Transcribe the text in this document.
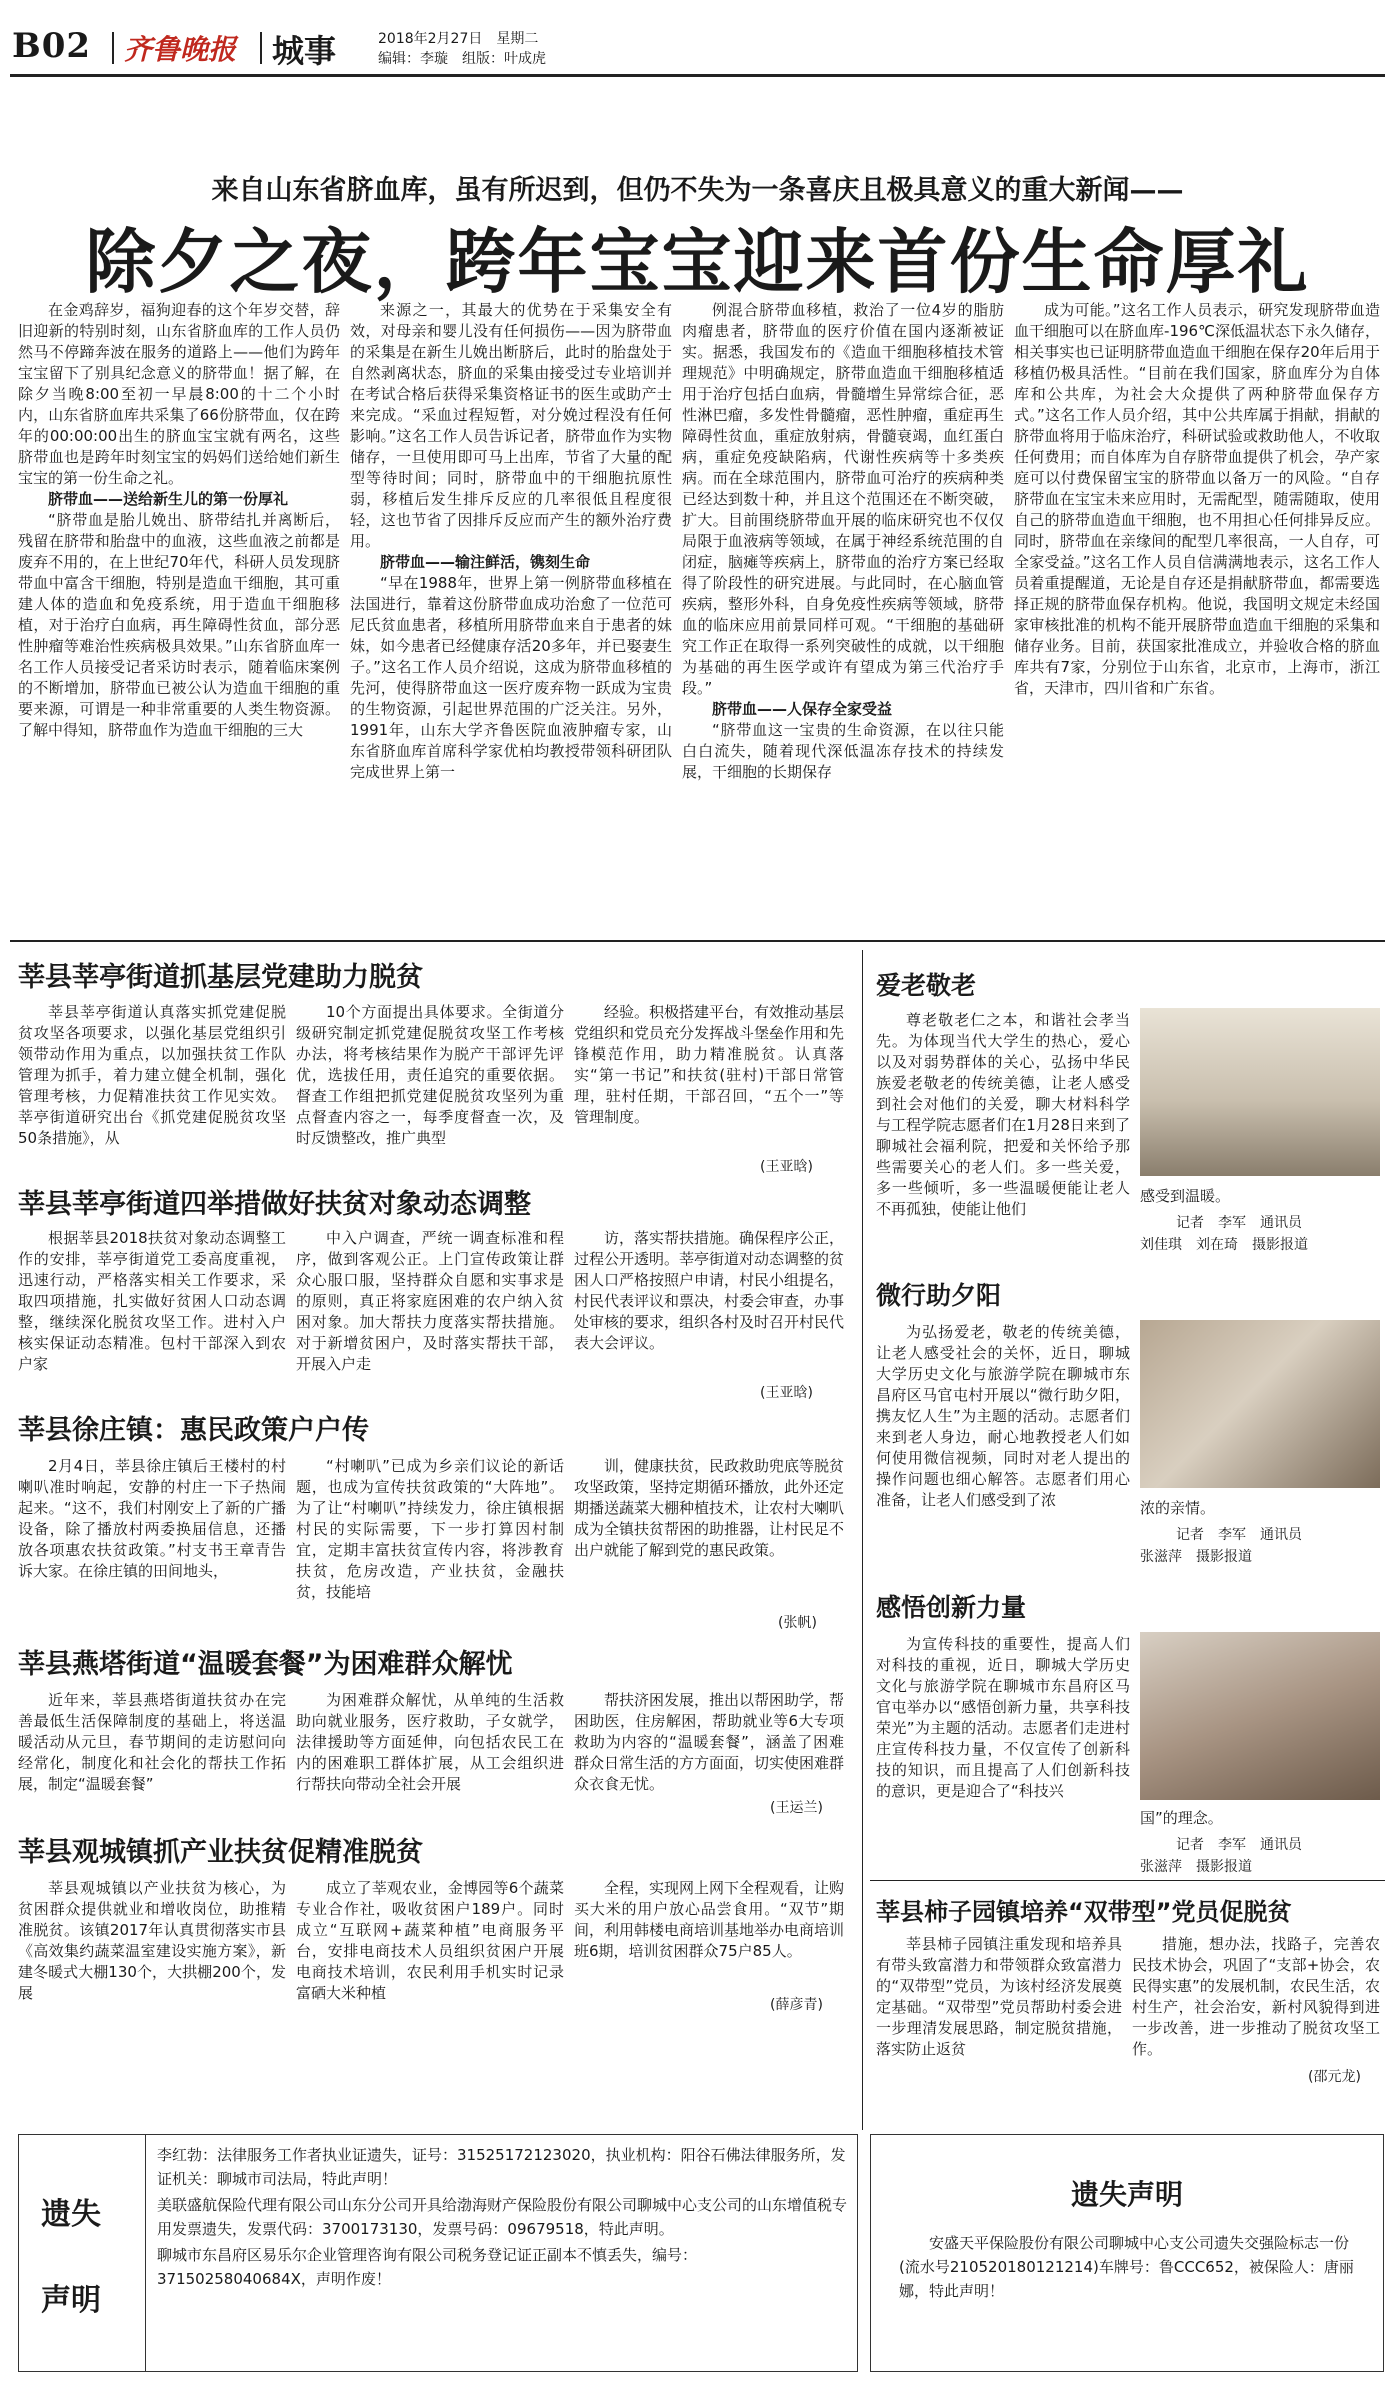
B02 齐鲁晚报 城事	2018年2月27日　 星期二
编辑：李璇　 组版：叶成虎
来自山东省脐血库，虽有所迟到，但仍不失为一条喜庆且极具意义的重大新闻——
除夕之夜，跨年宝宝迎来首份生命厚礼

在金鸡辞岁，福狗迎春的这个年岁交替，辞旧迎新的特别时刻，山东省脐血库的工作人员仍然马不停蹄奔波在服务的道路上——他们为跨年宝宝留下了别具纪念意义的脐带血！据了解，在除夕当晚8:00至初一早晨8:00的十二个小时内，山东省脐血库共采集了66份脐带血，仅在跨年的00:00:00出生的脐血宝宝就有两名，这些脐带血也是跨年时刻宝宝的妈妈们送给她们新生宝宝的第一份生命之礼。

脐带血——送给新生儿的第一份厚礼

“脐带血是胎儿娩出、脐带结扎并离断后，残留在脐带和胎盘中的血液，这些血液之前都是废弃不用的，在上世纪70年代，科研人员发现脐带血中富含干细胞，特别是造血干细胞，其可重建人体的造血和免疫系统，用于造血干细胞移植，对于治疗白血病，再生障碍性贫血，部分恶性肿瘤等难治性疾病极具效果。”山东省脐血库一名工作人员接受记者采访时表示，随着临床案例的不断增加，脐带血已被公认为造血干细胞的重要来源，可谓是一种非常重要的人类生物资源。了解中得知，脐带血作为造血干细胞的三大

来源之一，其最大的优势在于采集安全有效，对母亲和婴儿没有任何损伤——因为脐带血的采集是在新生儿娩出断脐后，此时的胎盘处于自然剥离状态，脐血的采集由接受过专业培训并在考试合格后获得采集资格证书的医生或助产士来完成。“采血过程短暂，对分娩过程没有任何影响。”这名工作人员告诉记者，脐带血作为实物储存，一旦使用即可马上出库，节省了大量的配型等待时间；同时，脐带血中的干细胞抗原性弱，移植后发生排斥反应的几率很低且程度很轻，这也节省了因排斥反应而产生的额外治疗费用。

脐带血——输注鲜活，镌刻生命

“早在1988年，世界上第一例脐带血移植在法国进行，靠着这份脐带血成功治愈了一位范可尼氏贫血患者，移植所用脐带血来自于患者的妹妹，如今患者已经健康存活20多年，并已娶妻生子。”这名工作人员介绍说，这成为脐带血移植的先河，使得脐带血这一医疗废弃物一跃成为宝贵的生物资源，引起世界范围的广泛关注。另外，1991年，山东大学齐鲁医院血液肿瘤专家，山东省脐血库首席科学家优柏均教授带领科研团队完成世界上第一

例混合脐带血移植，救治了一位4岁的脂肪肉瘤患者，脐带血的医疗价值在国内逐渐被证实。据悉，我国发布的《造血干细胞移植技术管理规范》中明确规定，脐带血造血干细胞移植适用于治疗包括白血病，骨髓增生异常综合征，恶性淋巴瘤，多发性骨髓瘤，恶性肿瘤，重症再生障碍性贫血，重症放射病，骨髓衰竭，血红蛋白病，重症免疫缺陷病，代谢性疾病等十多类疾病。而在全球范围内，脐带血可治疗的疾病种类已经达到数十种，并且这个范围还在不断突破，扩大。目前围绕脐带血开展的临床研究也不仅仅局限于血液病等领域，在属于神经系统范围的自闭症，脑瘫等疾病上，脐带血的治疗方案已经取得了阶段性的研究进展。与此同时，在心脑血管疾病，整形外科，自身免疫性疾病等领域，脐带血的临床应用前景同样可观。“干细胞的基础研究工作正在取得一系列突破性的成就，以干细胞为基础的再生医学或许有望成为第三代治疗手段。”

脐带血——人保存全家受益

“脐带血这一宝贵的生命资源，在以往只能白白流失，随着现代深低温冻存技术的持续发展，干细胞的长期保存

成为可能。”这名工作人员表示，研究发现脐带血造血干细胞可以在脐血库-196℃深低温状态下永久储存，相关事实也已证明脐带血造血干细胞在保存20年后用于移植仍极具活性。“目前在我们国家，脐血库分为自体库和公共库，为社会大众提供了两种脐带血保存方式。”这名工作人员介绍，其中公共库属于捐献，捐献的脐带血将用于临床治疗，科研试验或救助他人，不收取任何费用；而自体库为自存脐带血提供了机会，孕产家庭可以付费保留宝宝的脐带血以备万一的风险。“自存脐带血在宝宝未来应用时，无需配型，随需随取，使用自己的脐带血造血干细胞，也不用担心任何排异反应。同时，脐带血在亲缘间的配型几率很高，一人自存，可全家受益。”这名工作人员自信满满地表示，这名工作人员着重提醒道，无论是自存还是捐献脐带血，都需要选择正规的脐带血保存机构。他说，我国明文规定未经国家审核批准的机构不能开展脐带血造血干细胞的采集和储存业务。目前，获国家批准成立，并验收合格的脐血库共有7家，分别位于山东省，北京市，上海市，浙江省，天津市，四川省和广东省。

莘县莘亭街道抓基层党建助力脱贫

莘县莘亭街道认真落实抓党建促脱贫攻坚各项要求，以强化基层党组织引领带动作用为重点，以加强扶贫工作队管理为抓手，着力建立健全机制，强化管理考核，力促精准扶贫工作见实效。莘亭街道研究出台《抓党建促脱贫攻坚50条措施》，从

10个方面提出具体要求。全街道分级研究制定抓党建促脱贫攻坚工作考核办法，将考核结果作为脱产干部评先评优，选拔任用，责任追究的重要依据。督查工作组把抓党建促脱贫攻坚列为重点督查内容之一，每季度督查一次，及时反馈整改，推广典型

经验。积极搭建平台，有效推动基层党组织和党员充分发挥战斗堡垒作用和先锋模范作用，助力精准脱贫。认真落实“第一书记”和扶贫(驻村)干部日常管理，驻村任期，干部召回，“五个一”等管理制度。

(王亚晗)
莘县莘亭街道四举措做好扶贫对象动态调整

根据莘县2018扶贫对象动态调整工作的安排，莘亭街道党工委高度重视，迅速行动，严格落实相关工作要求，采取四项措施，扎实做好贫困人口动态调整，继续深化脱贫攻坚工作。进村入户核实保证动态精准。包村干部深入到农户家

中入户调查，严统一调查标准和程序，做到客观公正。上门宣传政策让群众心服口服，坚持群众自愿和实事求是的原则，真正将家庭困难的农户纳入贫困对象。加大帮扶力度落实帮扶措施。对于新增贫困户，及时落实帮扶干部，开展入户走

访，落实帮扶措施。确保程序公正，过程公开透明。莘亭街道对动态调整的贫困人口严格按照户申请，村民小组提名，村民代表评议和票决，村委会审查，办事处审核的要求，组织各村及时召开村民代表大会评议。

(王亚晗)
莘县徐庄镇：惠民政策户户传

2月4日，莘县徐庄镇后王楼村的村喇叭准时响起，安静的村庄一下子热闹起来。“这不，我们村刚安上了新的广播设备，除了播放村两委换届信息，还播放各项惠农扶贫政策。”村支书王章青告诉大家。在徐庄镇的田间地头，

“村喇叭”已成为乡亲们议论的新话题，也成为宣传扶贫政策的“大阵地”。为了让“村喇叭”持续发力，徐庄镇根据村民的实际需要，下一步打算因村制宜，定期丰富扶贫宣传内容，将涉教育扶贫，危房改造，产业扶贫，金融扶贫，技能培

训，健康扶贫，民政救助兜底等脱贫攻坚政策，坚持定期循环播放，此外还定期播送蔬菜大棚种植技术，让农村大喇叭成为全镇扶贫帮困的助推器，让村民足不出户就能了解到党的惠民政策。

(张帆)
莘县燕塔街道“温暖套餐”为困难群众解忧

近年来，莘县燕塔街道扶贫办在完善最低生活保障制度的基础上，将送温暖活动从元旦，春节期间的走访慰问向经常化，制度化和社会化的帮扶工作拓展，制定“温暖套餐”

为困难群众解忧，从单纯的生活救助向就业服务，医疗救助，子女就学，法律援助等方面延伸，向包括农民工在内的困难职工群体扩展，从工会组织进行帮扶向带动全社会开展

帮扶济困发展，推出以帮困助学，帮困助医，住房解困，帮助就业等6大专项救助为内容的“温暖套餐”，涵盖了困难群众日常生活的方方面面，切实使困难群众衣食无忧。

(王运兰)
莘县观城镇抓产业扶贫促精准脱贫

莘县观城镇以产业扶贫为核心，为贫困群众提供就业和增收岗位，助推精准脱贫。该镇2017年认真贯彻落实市县《高效集约蔬菜温室建设实施方案》，新建冬暖式大棚130个，大拱棚200个，发展

成立了莘观农业，金博园等6个蔬菜专业合作社，吸收贫困户189户。同时成立“互联网+蔬菜种植”电商服务平台，安排电商技术人员组织贫困户开展电商技术培训，农民利用手机实时记录富硒大米种植

全程，实现网上网下全程观看，让购买大米的用户放心品尝食用。“双节”期间，利用韩楼电商培训基地举办电商培训班6期，培训贫困群众75户85人。

(薛彦青)
爱老敬老

尊老敬老仁之本，和谐社会孝当先。为体现当代大学生的热心，爱心以及对弱势群体的关心，弘扬中华民族爱老敬老的传统美德，让老人感受到社会对他们的关爱，聊大材料科学与工程学院志愿者们在1月28日来到了聊城社会福利院，把爱和关怀给予那些需要关心的老人们。多一些关爱，多一些倾听，多一些温暖便能让老人不再孤独，使能让他们

感受到温暖。

记者　李军　通讯员
刘佳琪　刘在琦　摄影报道
微行助夕阳

为弘扬爱老，敬老的传统美德，让老人感受社会的关怀，近日，聊城大学历史文化与旅游学院在聊城市东昌府区马官屯村开展以“微行助夕阳，携友忆人生”为主题的活动。志愿者们来到老人身边，耐心地教授老人们如何使用微信视频，同时对老人提出的操作问题也细心解答。志愿者们用心准备，让老人们感受到了浓	浓的亲情。

记者　李军　通讯员
张滋萍　摄影报道
感悟创新力量

为宣传科技的重要性，提高人们对科技的重视，近日，聊城大学历史文化与旅游学院在聊城市东昌府区马官屯举办以“感悟创新力量，共享科技荣光”为主题的活动。志愿者们走进村庄宣传科技力量，不仅宣传了创新科技的知识，而且提高了人们创新科技的意识，更是迎合了“科技兴

国”的理念。

记者　李军　通讯员
张滋萍　摄影报道
莘县柿子园镇培养“双带型”党员促脱贫

莘县柿子园镇注重发现和培养具有带头致富潜力和带领群众致富潜力的“双带型”党员，为该村经济发展奠定基础。“双带型”党员帮助村委会进一步理清发展思路，制定脱贫措施，落实防止返贫

措施，想办法，找路子，完善农民技术协会，巩固了“支部+协会，农民得实惠”的发展机制，农民生活，农村生产，社会治安，新村风貌得到进一步改善，进一步推动了脱贫攻坚工作。

(邵元龙)
遗失
声明

李红勃：法律服务工作者执业证遗失，证号：31525172123020，执业机构：阳谷石佛法律服务所，发证机关：聊城市司法局，特此声明！

美联盛航保险代理有限公司山东分公司开具给渤海财产保险股份有限公司聊城中心支公司的山东增值税专用发票遗失，发票代码：3700173130，发票号码：09679518，特此声明。

聊城市东昌府区易乐尔企业管理咨询有限公司税务登记证正副本不慎丢失，编号：37150258040684X，声明作废！

遗失声明

安盛天平保险股份有限公司聊城中心支公司遗失交强险标志一份(流水号210520180121214)车牌号：鲁CCC652，被保险人：唐丽娜，特此声明！
